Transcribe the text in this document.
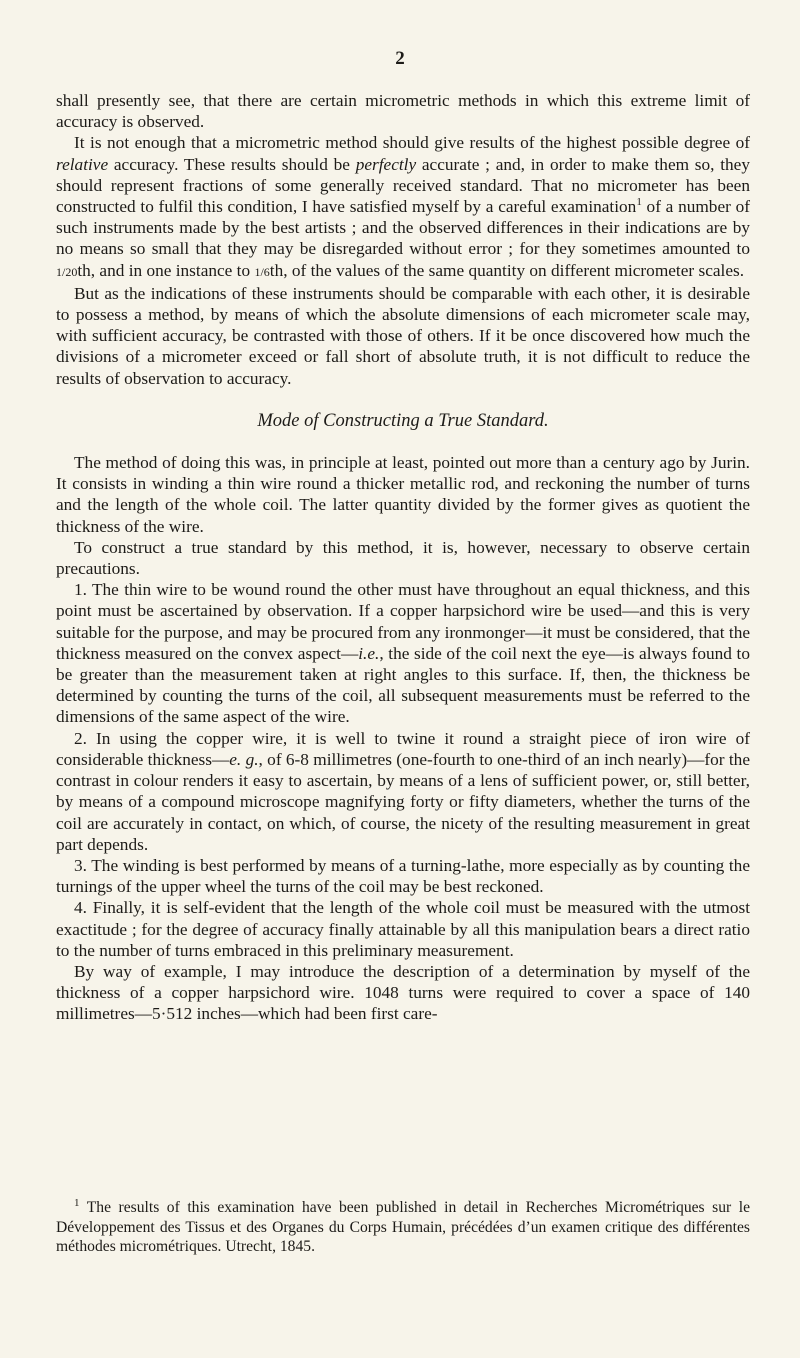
2

shall presently see, that there are certain micrometric methods in which this extreme limit of accuracy is observed.

It is not enough that a micrometric method should give results of the highest possible degree of relative accuracy. These results should be perfectly accurate ; and, in order to make them so, they should represent fractions of some generally received standard. That no micrometer has been constructed to fulfil this condition, I have satisfied myself by a careful examination$^1$ of a number of such instruments made by the best artists ; and the observed differences in their indications are by no means so small that they may be disregarded without error ; for they sometimes amounted to 1/20th, and in one instance to 1/6th, of the values of the same quantity on different micrometer scales.

But as the indications of these instruments should be comparable with each other, it is desirable to possess a method, by means of which the absolute dimensions of each micrometer scale may, with sufficient accuracy, be contrasted with those of others. If it be once discovered how much the divisions of a micrometer exceed or fall short of absolute truth, it is not difficult to reduce the results of observation to accuracy.

Mode of Constructing a True Standard.

The method of doing this was, in principle at least, pointed out more than a century ago by Jurin. It consists in winding a thin wire round a thicker metallic rod, and reckoning the number of turns and the length of the whole coil. The latter quantity divided by the former gives as quotient the thickness of the wire.

To construct a true standard by this method, it is, however, necessary to observe certain precautions.

1. The thin wire to be wound round the other must have throughout an equal thickness, and this point must be ascertained by observation. If a copper harpsichord wire be used—and this is very suitable for the purpose, and may be procured from any ironmonger—it must be considered, that the thickness measured on the convex aspect—i.e., the side of the coil next the eye—is always found to be greater than the measurement taken at right angles to this surface. If, then, the thickness be determined by counting the turns of the coil, all subsequent measurements must be referred to the dimensions of the same aspect of the wire.

2. In using the copper wire, it is well to twine it round a straight piece of iron wire of considerable thickness—e. g., of 6-8 millimetres (one-fourth to one-third of an inch nearly)—for the contrast in colour renders it easy to ascertain, by means of a lens of sufficient power, or, still better, by means of a compound microscope magnifying forty or fifty diameters, whether the turns of the coil are accurately in contact, on which, of course, the nicety of the resulting measurement in great part depends.

3. The winding is best performed by means of a turning-lathe, more especially as by counting the turnings of the upper wheel the turns of the coil may be best reckoned.

4. Finally, it is self-evident that the length of the whole coil must be measured with the utmost exactitude ; for the degree of accuracy finally attainable by all this manipulation bears a direct ratio to the number of turns embraced in this preliminary measurement.

By way of example, I may introduce the description of a determination by myself of the thickness of a copper harpsichord wire. 1048 turns were required to cover a space of 140 millimetres—5·512 inches—which had been first care-

$^1$ The results of this examination have been published in detail in Recherches Micrométriques sur le Développement des Tissus et des Organes du Corps Humain, précédées d’un examen critique des différentes méthodes micrométriques. Utrecht, 1845.
